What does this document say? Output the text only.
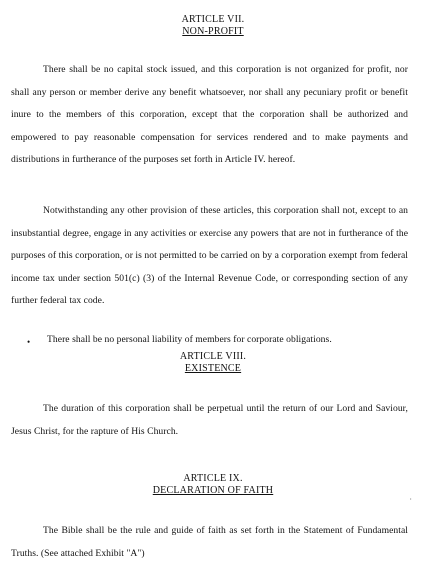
ARTICLE VII.
NON-PROFIT

There shall be no capital stock issued, and this corporation is not organized for profit, nor shall any person or member derive any benefit whatsoever, nor shall any pecuniary profit or benefit inure to the members of this corporation, except that the corporation shall be authorized and empowered to pay reasonable compensation for services rendered and to make payments and distributions in furtherance of the purposes set forth in Article IV. hereof.

Notwithstanding any other provision of these articles, this corporation shall not, except to an insubstantial degree, engage in any activities or exercise any powers that are not in furtherance of the purposes of this corporation, or is not permitted to be carried on by a corporation exempt from federal income tax under section 501(c) (3) of the Internal Revenue Code, or corresponding section of any further federal tax code.

• There shall be no personal liability of members for corporate obligations.

ARTICLE VIII.
EXISTENCE

The duration of this corporation shall be perpetual until the return of our Lord and Saviour, Jesus Christ, for the rapture of His Church.

ARTICLE IX.
DECLARATION OF FAITH

The Bible shall be the rule and guide of faith as set forth in the Statement of Fundamental Truths. (See attached Exhibit "A")

·
